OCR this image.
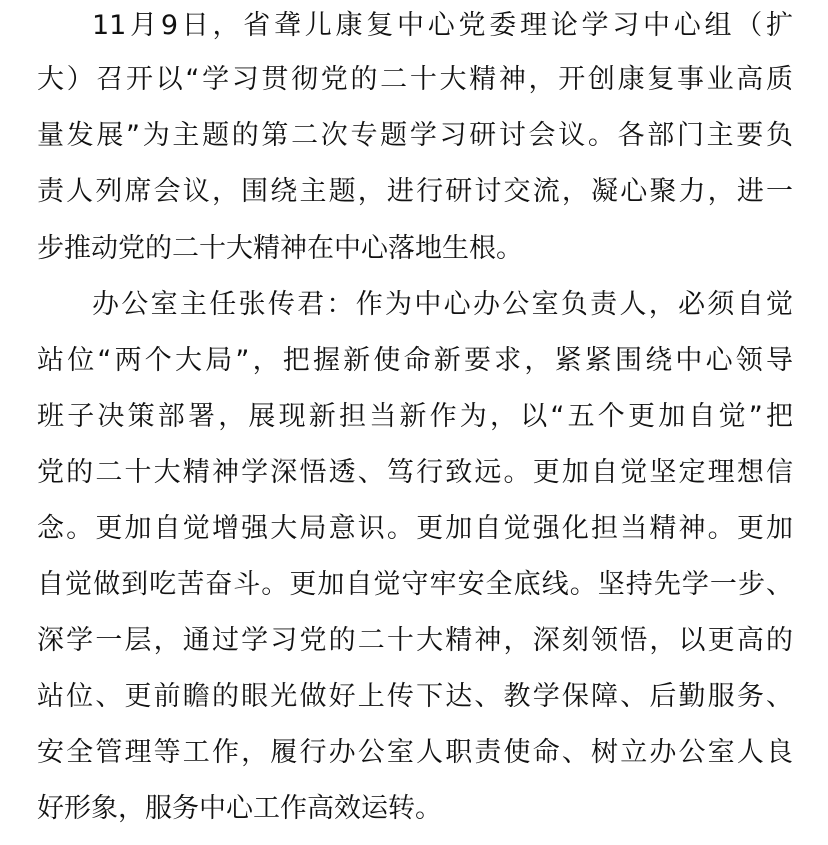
11月9日，省聋儿康复中心党委理论学习中心组（扩
大）召开以“学习贯彻党的二十大精神，开创康复事业高质
量发展”为主题的第二次专题学习研讨会议。各部门主要负
责人列席会议，围绕主题，进行研讨交流，凝心聚力，进一
步推动党的二十大精神在中心落地生根。
办公室主任张传君：作为中心办公室负责人，必须自觉
站位“两个大局”，把握新使命新要求，紧紧围绕中心领导
班子决策部署，展现新担当新作为，以“五个更加自觉”把
党的二十大精神学深悟透、笃行致远。更加自觉坚定理想信
念。更加自觉增强大局意识。更加自觉强化担当精神。更加
自觉做到吃苦奋斗。更加自觉守牢安全底线。坚持先学一步、
深学一层，通过学习党的二十大精神，深刻领悟，以更高的
站位、更前瞻的眼光做好上传下达、教学保障、后勤服务、
安全管理等工作，履行办公室人职责使命、树立办公室人良
好形象，服务中心工作高效运转。
